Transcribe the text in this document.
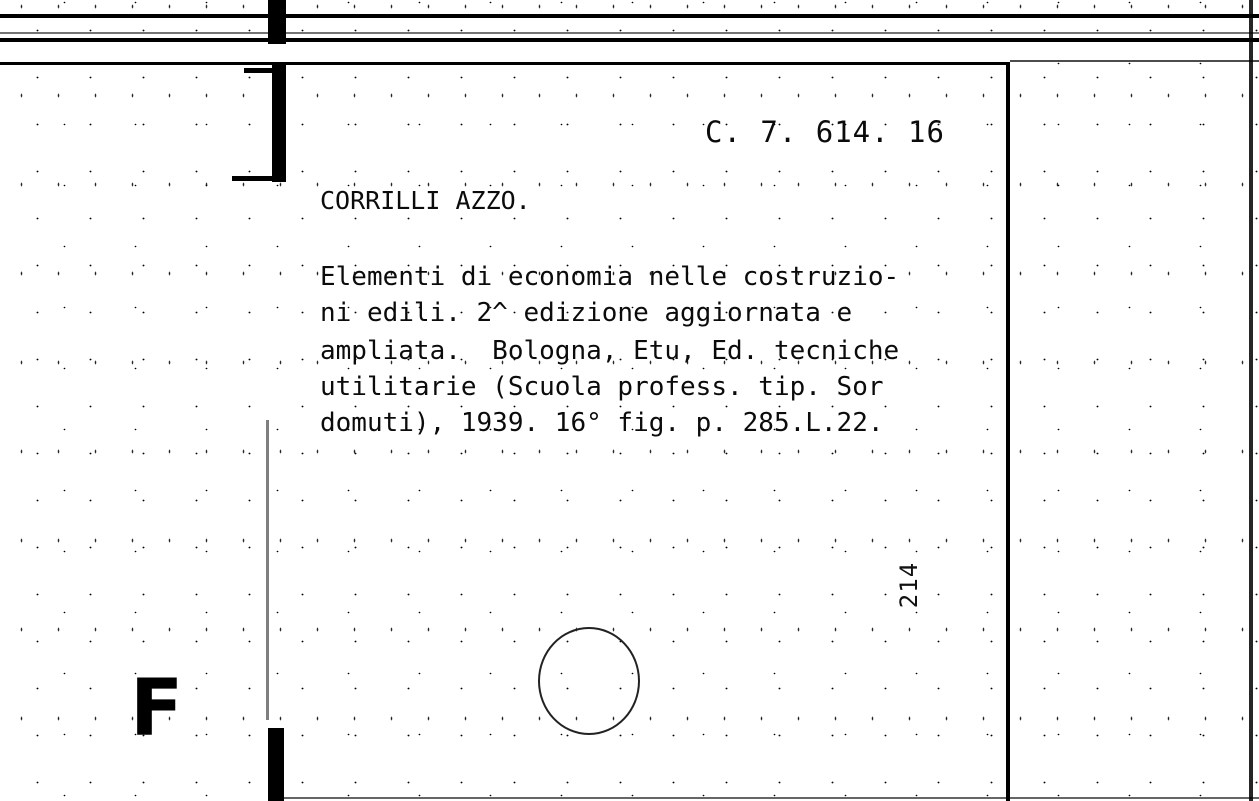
C. 7. 614. 16
CORRILLI AZZO.
Elementi di economia nelle costruzio-
ni edili. 2^ edizione aggiornata e
ampliata.  Bologna, Etu, Ed. tecniche
utilitarie (Scuola profess. tip. Sor
domuti), 1939. 16° fig. p. 285.L.22.
214
F
